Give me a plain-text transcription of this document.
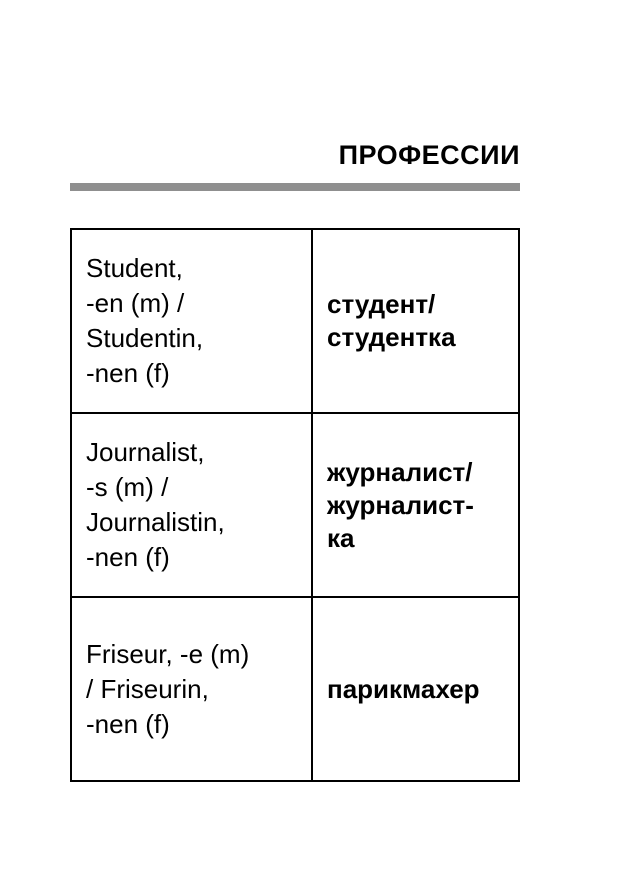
ПРОФЕССИИ
Student,
-en (m) /
Studentin,
-nen (f)	студент/
студентка
Journalist,
-s (m) /
Journalistin,
-nen (f)	журналист/
журналист-
ка
Friseur, -e (m)
/ Friseurin,
-nen (f)	парикмахер
